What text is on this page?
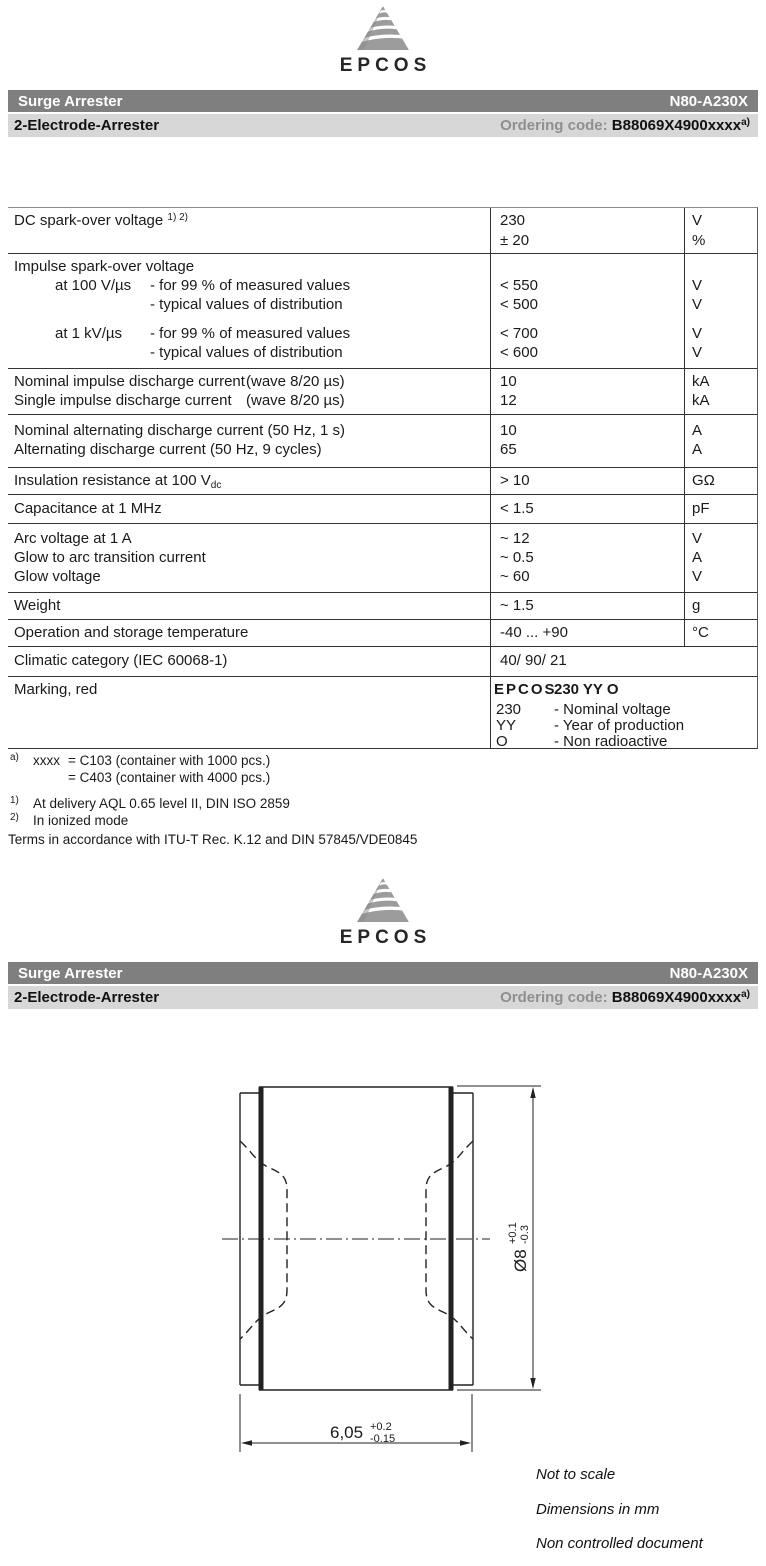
EPCOS
Surge Arrester	N80-A230X
2-Electrode-Arrester	Ordering code: B88069X4900xxxx$^{a)}$
DC spark-over voltage $^{1) 2)}$	230	V
± 20	%
Impulse spark-over voltage
at 100 V/µs - for 99 % of measured values	< 550	V
- typical values of distribution	< 500	V
at 1 kV/µs - for 99 % of measured values	< 700	V
- typical values of distribution	< 600	V
Nominal impulse discharge current (wave 8/20 µs)	10	kA
Single impulse discharge current (wave 8/20 µs)	12	kA
Nominal alternating discharge current (50 Hz, 1 s)	10	A
Alternating discharge current (50 Hz, 9 cycles)	65	A
Insulation resistance at 100 $V_{dc}$	> 10	GΩ
Capacitance at 1 MHz	< 1.5	pF
Arc voltage at 1 A	~ 12	V
Glow to arc transition current	~ 0.5	A
Glow voltage	~ 60	V
Weight	~ 1.5	g
Operation and storage temperature	-40 ... +90	°C
Climatic category (IEC 60068-1)	40/ 90/ 21
Marking, red	EPCOS
230 YY O
230 - Nominal voltage
YY	- Year of production
O	- Non radioactive
$^{a)}$ xxxx = C103 (container with 1000 pcs.)
= C403 (container with 4000 pcs.)
$^{1)}$ At delivery AQL 0.65 level II, DIN ISO 2859
$^{2)}$ In ionized mode
Terms in accordance with ITU-T Rec. K.12 and DIN 57845/VDE0845
EPCOS
Surge Arrester	N80-A230X
2-Electrode-Arrester	Ordering code: B88069X4900xxxx$^{a)}$
Ø8
+0.1 -0.3
6,05 +0.2
-0.15
Not to scale
Dimensions in mm
Non controlled document
